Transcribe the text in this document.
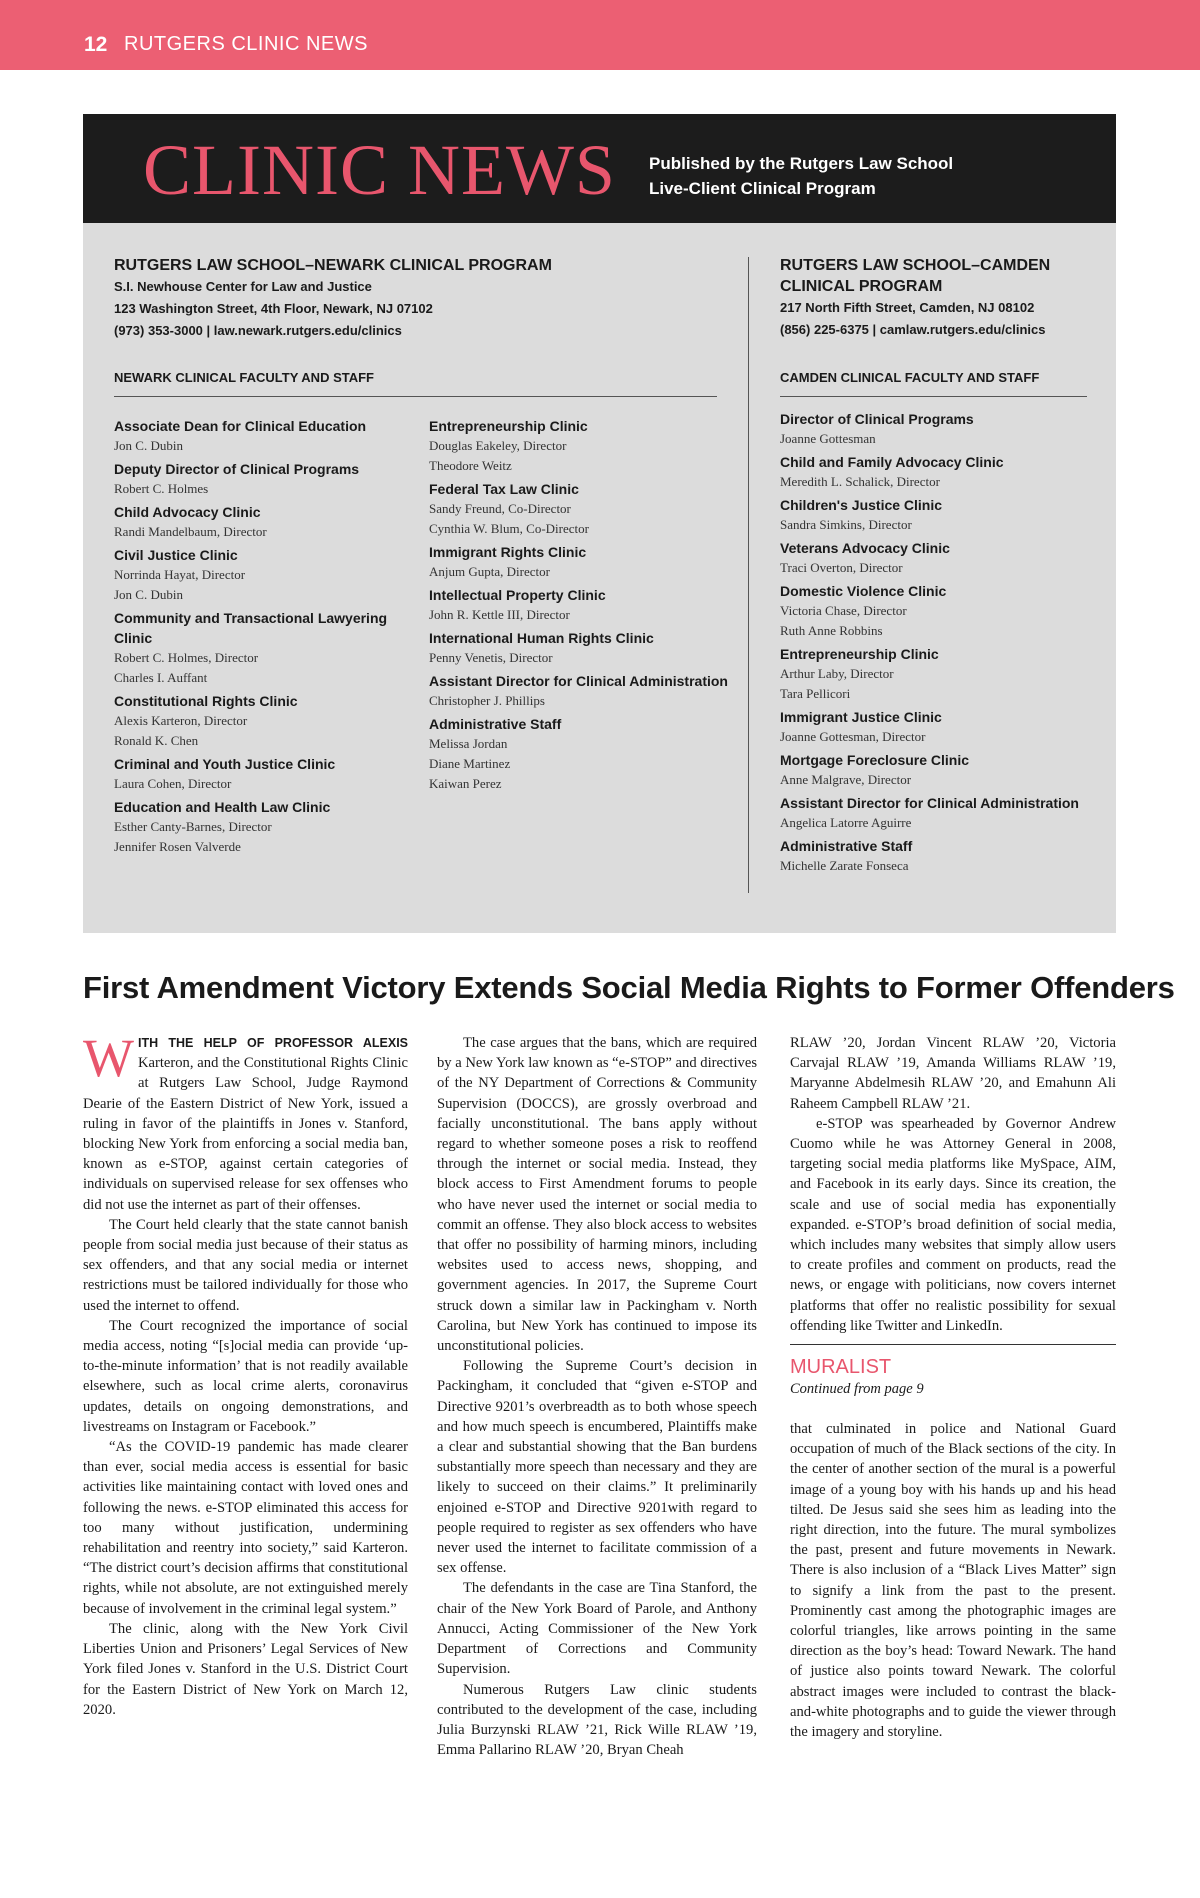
12 RUTGERS CLINIC NEWS
CLINIC NEWS Published by the Rutgers Law School
Live-Client Clinical Program
RUTGERS LAW SCHOOL–NEWARK CLINICAL PROGRAM
S.I. Newhouse Center for Law and Justice
123 Washington Street, 4th Floor, Newark, NJ 07102
(973) 353-3000 | law.newark.rutgers.edu/clinics
NEWARK CLINICAL FACULTY AND STAFF
Associate Dean for Clinical Education
Jon C. Dubin
Deputy Director of Clinical Programs
Robert C. Holmes
Child Advocacy Clinic
Randi Mandelbaum, Director
Civil Justice Clinic
Norrinda Hayat, Director
Jon C. Dubin
Community and Transactional Lawyering Clinic
Robert C. Holmes, Director
Charles I. Auffant
Constitutional Rights Clinic
Alexis Karteron, Director
Ronald K. Chen
Criminal and Youth Justice Clinic
Laura Cohen, Director
Education and Health Law Clinic
Esther Canty-Barnes, Director
Jennifer Rosen Valverde
Entrepreneurship Clinic
Douglas Eakeley, Director
Theodore Weitz
Federal Tax Law Clinic
Sandy Freund, Co-Director
Cynthia W. Blum, Co-Director
Immigrant Rights Clinic
Anjum Gupta, Director
Intellectual Property Clinic
John R. Kettle III, Director
International Human Rights Clinic
Penny Venetis, Director
Assistant Director for Clinical Administration
Christopher J. Phillips
Administrative Staff
Melissa Jordan
Diane Martinez
Kaiwan Perez
RUTGERS LAW SCHOOL–CAMDEN
CLINICAL PROGRAM
217 North Fifth Street, Camden, NJ 08102
(856) 225-6375 | camlaw.rutgers.edu/clinics
CAMDEN CLINICAL FACULTY AND STAFF
Director of Clinical Programs
Joanne Gottesman
Child and Family Advocacy Clinic
Meredith L. Schalick, Director
Children's Justice Clinic
Sandra Simkins, Director
Veterans Advocacy Clinic
Traci Overton, Director
Domestic Violence Clinic
Victoria Chase, Director
Ruth Anne Robbins
Entrepreneurship Clinic
Arthur Laby, Director
Tara Pellicori
Immigrant Justice Clinic
Joanne Gottesman, Director
Mortgage Foreclosure Clinic
Anne Malgrave, Director
Assistant Director for Clinical Administration
Angelica Latorre Aguirre
Administrative Staff
Michelle Zarate Fonseca
First Amendment Victory Extends Social Media Rights to Former Offenders

WITH THE HELP OF PROFESSOR ALEXIS Karteron, and the Constitutional Rights Clinic at Rutgers Law School, Judge Raymond Dearie of the Eastern District of New York, issued a ruling in favor of the plaintiffs in Jones v. Stanford, blocking New York from enforcing a social media ban, known as e-STOP, against certain categories of individuals on supervised release for sex offenses who did not use the internet as part of their offenses.

The Court held clearly that the state cannot banish people from social media just because of their status as sex offenders, and that any social media or internet restrictions must be tailored individually for those who used the internet to offend.

The Court recognized the importance of social media access, noting “[s]ocial media can provide ‘up-to-the-minute information’ that is not readily available elsewhere, such as local crime alerts, coronavirus updates, details on ongoing demonstrations, and livestreams on Instagram or Facebook.”

“As the COVID-19 pandemic has made clearer than ever, social media access is essential for basic activities like maintaining contact with loved ones and following the news. e-STOP eliminated this access for too many without justification, undermining rehabilitation and reentry into society,” said Karteron. “The district court’s decision affirms that constitutional rights, while not absolute, are not extinguished merely because of involvement in the criminal legal system.”

The clinic, along with the New York Civil Liberties Union and Prisoners’ Legal Services of New York filed Jones v. Stanford in the U.S. District Court for the Eastern District of New York on March 12, 2020.

The case argues that the bans, which are required by a New York law known as “e-STOP” and directives of the NY Department of Corrections & Community Supervision (DOCCS), are grossly overbroad and facially unconstitutional. The bans apply without regard to whether someone poses a risk to reoffend through the internet or social media. Instead, they block access to First Amendment forums to people who have never used the internet or social media to commit an offense. They also block access to websites that offer no possibility of harming minors, including websites used to access news, shopping, and government agencies. In 2017, the Supreme Court struck down a similar law in Packingham v. North Carolina, but New York has continued to impose its unconstitutional policies.

Following the Supreme Court’s decision in Packingham, it concluded that “given e-STOP and Directive 9201’s overbreadth as to both whose speech and how much speech is encumbered, Plaintiffs make a clear and substantial showing that the Ban burdens substantially more speech than necessary and they are likely to succeed on their claims.” It preliminarily enjoined e-STOP and Directive 9201with regard to people required to register as sex offenders who have never used the internet to facilitate commission of a sex offense.

The defendants in the case are Tina Stanford, the chair of the New York Board of Parole, and Anthony Annucci, Acting Commissioner of the New York Department of Corrections and Community Supervision.

Numerous Rutgers Law clinic students contributed to the development of the case, including Julia Burzynski RLAW ’21, Rick Wille RLAW ’19, Emma Pallarino RLAW ’20, Bryan Cheah

RLAW ’20, Jordan Vincent RLAW ’20, Victoria Carvajal RLAW ’19, Amanda Williams RLAW ’19, Maryanne Abdelmesih RLAW ’20, and Emahunn Ali Raheem Campbell RLAW ’21.

e-STOP was spearheaded by Governor Andrew Cuomo while he was Attorney General in 2008, targeting social media platforms like MySpace, AIM, and Facebook in its early days. Since its creation, the scale and use of social media has exponentially expanded. e-STOP’s broad definition of social media, which includes many websites that simply allow users to create profiles and comment on products, read the news, or engage with politicians, now covers internet platforms that offer no realistic possibility for sexual offending like Twitter and LinkedIn.

MURALIST
Continued from page 9

that culminated in police and National Guard occupation of much of the Black sections of the city. In the center of another section of the mural is a powerful image of a young boy with his hands up and his head tilted. De Jesus said she sees him as leading into the right direction, into the future. The mural symbolizes the past, present and future movements in Newark. There is also inclusion of a “Black Lives Matter” sign to signify a link from the past to the present. Prominently cast among the photographic images are colorful triangles, like arrows pointing in the same direction as the boy’s head: Toward Newark. The hand of justice also points toward Newark. The colorful abstract images were included to contrast the black-and-white photographs and to guide the viewer through the imagery and storyline.
